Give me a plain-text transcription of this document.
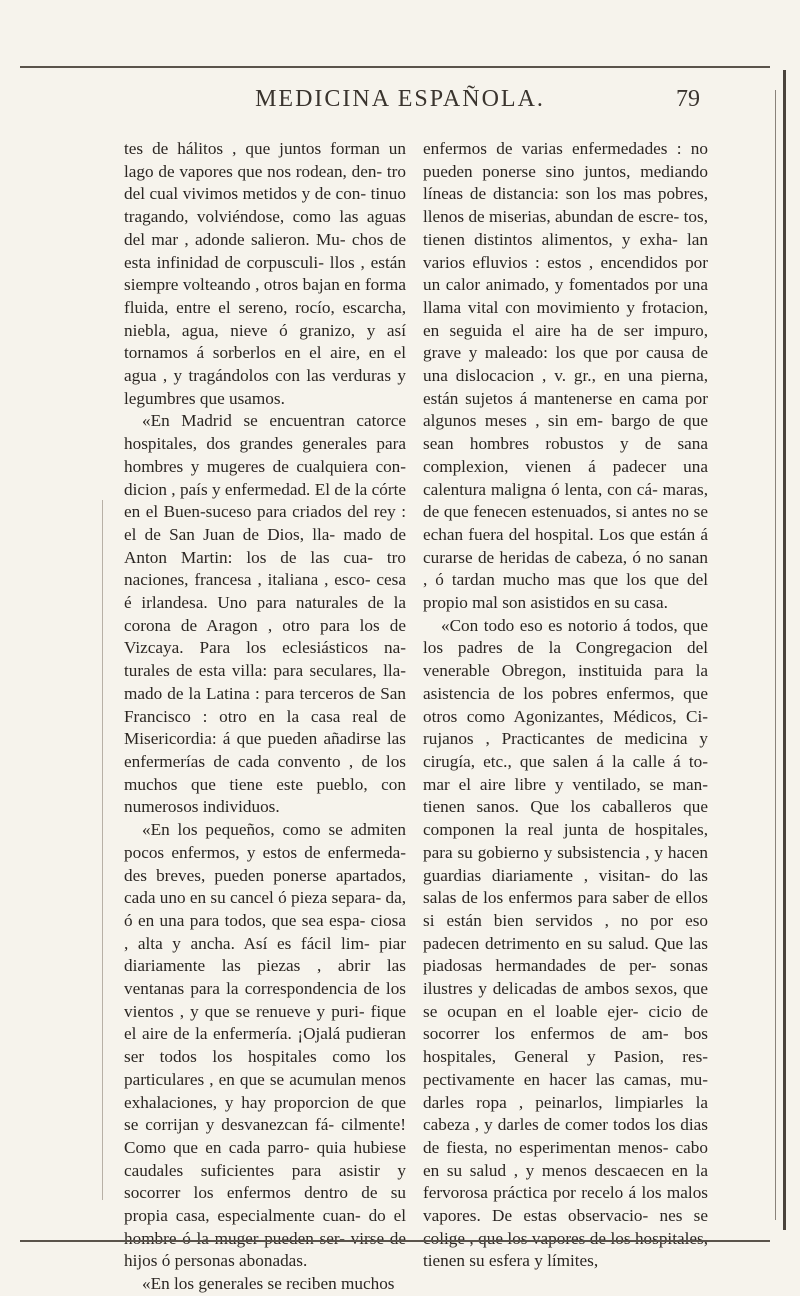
MEDICINA ESPAÑOLA.	79

tes de hálitos , que juntos forman un lago de vapores que nos rodean, den- tro del cual vivimos metidos y de con- tinuo tragando, volviéndose, como las aguas del mar , adonde salieron. Mu- chos de esta infinidad de corpusculi- llos , están siempre volteando , otros bajan en forma fluida, entre el sereno, rocío, escarcha, niebla, agua, nieve ó granizo, y así tornamos á sorberlos en el aire, en el agua , y tragándolos con las verduras y legumbres que usamos.

«En Madrid se encuentran catorce hospitales, dos grandes generales para hombres y mugeres de cualquiera con- dicion , país y enfermedad. El de la córte en el Buen-suceso para criados del rey : el de San Juan de Dios, lla- mado de Anton Martin: los de las cua- tro naciones, francesa , italiana , esco- cesa é irlandesa. Uno para naturales de la corona de Aragon , otro para los de Vizcaya. Para los eclesiásticos na- turales de esta villa: para seculares, lla- mado de la Latina : para terceros de San Francisco : otro en la casa real de Misericordia: á que pueden añadirse las enfermerías de cada convento , de los muchos que tiene este pueblo, con numerosos individuos.

«En los pequeños, como se admiten pocos enfermos, y estos de enfermeda- des breves, pueden ponerse apartados, cada uno en su cancel ó pieza separa- da, ó en una para todos, que sea espa- ciosa , alta y ancha. Así es fácil lim- piar diariamente las piezas , abrir las ventanas para la correspondencia de los vientos , y que se renueve y puri- fique el aire de la enfermería. ¡Ojalá pudieran ser todos los hospitales como los particulares , en que se acumulan menos exhalaciones, y hay proporcion de que se corrijan y desvanezcan fá- cilmente! Como que en cada parro- quia hubiese caudales suficientes para asistir y socorrer los enfermos dentro de su propia casa, especialmente cuan- do el hombre ó la muger pueden ser- virse de hijos ó personas abonadas.

«En los generales se reciben muchos

enfermos de varias enfermedades : no pueden ponerse sino juntos, mediando líneas de distancia: son los mas pobres, llenos de miserias, abundan de escre- tos, tienen distintos alimentos, y exha- lan varios efluvios : estos , encendidos por un calor animado, y fomentados por una llama vital con movimiento y frotacion, en seguida el aire ha de ser impuro, grave y maleado: los que por causa de una dislocacion , v. gr., en una pierna, están sujetos á mantenerse en cama por algunos meses , sin em- bargo de que sean hombres robustos y de sana complexion, vienen á padecer una calentura maligna ó lenta, con cá- maras, de que fenecen estenuados, si antes no se echan fuera del hospital. Los que están á curarse de heridas de cabeza, ó no sanan , ó tardan mucho mas que los que del propio mal son asistidos en su casa.

«Con todo eso es notorio á todos, que los padres de la Congregacion del venerable Obregon, instituida para la asistencia de los pobres enfermos, que otros como Agonizantes, Médicos, Ci- rujanos , Practicantes de medicina y cirugía, etc., que salen á la calle á to- mar el aire libre y ventilado, se man- tienen sanos. Que los caballeros que componen la real junta de hospitales, para su gobierno y subsistencia , y hacen guardias diariamente , visitan- do las salas de los enfermos para saber de ellos si están bien servidos , no por eso padecen detrimento en su salud. Que las piadosas hermandades de per- sonas ilustres y delicadas de ambos sexos, que se ocupan en el loable ejer- cicio de socorrer los enfermos de am- bos hospitales, General y Pasion, res- pectivamente en hacer las camas, mu- darles ropa , peinarlos, limpiarles la cabeza , y darles de comer todos los dias de fiesta, no esperimentan menos- cabo en su salud , y menos descaecen en la fervorosa práctica por recelo á los malos vapores. De estas observacio- nes se colige , que los vapores de los hospitales, tienen su esfera y límites,
